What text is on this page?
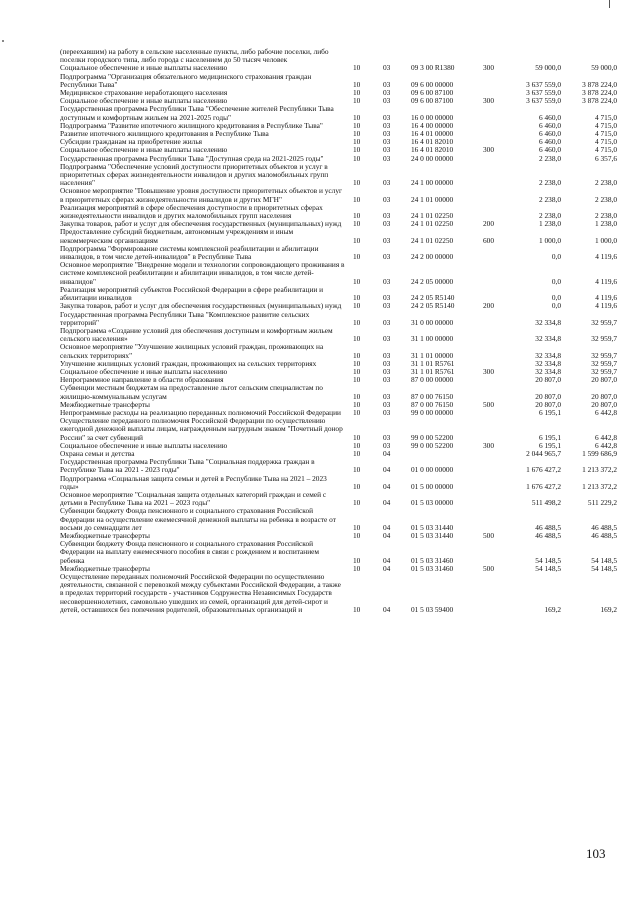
(переехавшим) на работу в сельские населенные пункты, либо рабочие поселки, либо поселки городского типа, либо города с населением до 50 тысяч человек						
Социальное обеспечение и иные выплаты населению	10	03	09 3 00 R1380	300	59 000,0	59 000,0
Подпрограмма "Организация обязательного медицинского страхования граждан Республики Тыва"	10	03	09 6 00 00000		3 637 559,0	3 878 224,0
Медицинское страхование неработающего населения	10	03	09 6 00 87100		3 637 559,0	3 878 224,0
Социальное обеспечение и иные выплаты населению	10	03	09 6 00 87100	300	3 637 559,0	3 878 224,0
Государственная программа Республики Тыва "Обеспечение жителей Республики Тыва доступным и комфортным жильем на 2021-2025 годы"	10	03	16 0 00 00000		6 460,0	4 715,0
Подпрограмма "Развитие ипотечного жилищного кредитования в Республике Тыва"	10	03	16 4 00 00000		6 460,0	4 715,0
Развитие ипотечного жилищного кредитования в Республике Тыва	10	03	16 4 01 00000		6 460,0	4 715,0
Субсидии гражданам на приобретение жилья	10	03	16 4 01 82010		6 460,0	4 715,0
Социальное обеспечение и иные выплаты населению	10	03	16 4 01 82010	300	6 460,0	4 715,0
Государственная программа Республики Тыва "Доступная среда на 2021-2025 годы"	10	03	24 0 00 00000		2 238,0	6 357,6
Подпрограмма "Обеспечение условий доступности приоритетных объектов и услуг в приоритетных сферах жизнедеятельности инвалидов и других маломобильных групп населения"	10	03	24 1 00 00000		2 238,0	2 238,0
Основное мероприятие "Повышение уровня доступности приоритетных объектов и услуг в приоритетных сферах жизнедеятельности инвалидов и других МГН"	10	03	24 1 01 00000		2 238,0	2 238,0
Реализация мероприятий в сфере обеспечения доступности в приоритетных сферах жизнедеятельности инвалидов и других маломобильных групп населения	10	03	24 1 01 02250		2 238,0	2 238,0
Закупка товаров, работ и услуг для обеспечения государственных (муниципальных) нужд	10	03	24 1 01 02250	200	1 238,0	1 238,0
Предоставление субсидий бюджетным, автономным учреждениям и иным некоммерческим организациям	10	03	24 1 01 02250	600	1 000,0	1 000,0
Подпрограмма "Формирование системы комплексной реабилитации и абилитации инвалидов, в том числе детей-инвалидов" в Республике Тыва	10	03	24 2 00 00000		0,0	4 119,6
Основное мероприятие "Внедрение модели и технологии сопровождающего проживания в системе комплексной реабилитации и абилитации инвалидов, в том числе детей-инвалидов"	10	03	24 2 05 00000		0,0	4 119,6
Реализация мероприятий субъектов Российской Федерации в сфере реабилитации и абилитации инвалидов	10	03	24 2 05 R5140		0,0	4 119,6
Закупка товаров, работ и услуг для обеспечения государственных (муниципальных) нужд	10	03	24 2 05 R5140	200	0,0	4 119,6
Государственная программа Республики Тыва "Комплексное развитие сельских территорий"	10	03	31 0 00 00000		32 334,8	32 959,7
Подпрограмма «Создание условий для обеспечения доступным и комфортным жильем сельского населения»	10	03	31 1 00 00000		32 334,8	32 959,7
Основное мероприятие "Улучшение жилищных условий граждан, проживающих на сельских территориях"	10	03	31 1 01 00000		32 334,8	32 959,7
Улучшение жилищных условий граждан, проживающих на сельских территориях	10	03	31 1 01 R5761		32 334,8	32 959,7
Социальное обеспечение и иные выплаты населению	10	03	31 1 01 R5761	300	32 334,8	32 959,7
Непрограммное направление в области образования	10	03	87 0 00 00000		20 807,0	20 807,0
Субвенции местным бюджетам на предоставление льгот сельским специалистам по жилищно-коммунальным услугам	10	03	87 0 00 76150		20 807,0	20 807,0
Межбюджетные трансферты	10	03	87 0 00 76150	500	20 807,0	20 807,0
Непрограммные расходы на реализацию переданных полномочий Российской Федерации	10	03	99 0 00 00000		6 195,1	6 442,8
Осуществление переданного полномочия Российской Федерации по осуществлению ежегодной денежной выплаты лицам, награжденным нагрудным знаком "Почетный донор России" за счет субвенций	10	03	99 0 00 52200		6 195,1	6 442,8
Социальное обеспечение и иные выплаты населению	10	03	99 0 00 52200	300	6 195,1	6 442,8
Охрана семьи и детства	10	04			2 044 965,7	1 599 686,9
Государственная программа Республики Тыва "Социальная поддержка граждан в Республике Тыва на 2021 - 2023 годы"	10	04	01 0 00 00000		1 676 427,2	1 213 372,2
Подпрограмма «Социальная защита семьи и детей в Республике Тыва на 2021 – 2023 годы»	10	04	01 5 00 00000		1 676 427,2	1 213 372,2
Основное мероприятие "Социальная защита отдельных категорий граждан и семей с детьми в Республике Тыва на 2021 – 2023 годы"	10	04	01 5 03 00000		511 498,2	511 229,2
Субвенции бюджету Фонда пенсионного и социального страхования Российской Федерации на осуществление ежемесячной денежной выплаты на ребенка в возрасте от восьми до семнадцати лет	10	04	01 5 03 31440		46 488,5	46 488,5
Межбюджетные трансферты	10	04	01 5 03 31440	500	46 488,5	46 488,5
Субвенции бюджету Фонда пенсионного и социального страхования Российской Федерации на выплату ежемесячного пособия в связи с рождением и воспитанием ребенка	10	04	01 5 03 31460		54 148,5	54 148,5
Межбюджетные трансферты	10	04	01 5 03 31460	500	54 148,5	54 148,5
Осуществление переданных полномочий Российской Федерации по осуществлению деятельности, связанной с перевозкой между субъектами Российской Федерации, а также в пределах территорий государств - участников Содружества Независимых Государств несовершеннолетних, самовольно ушедших из семей, организаций для детей-сирот и детей, оставшихся без попечения родителей, образовательных организаций и	10	04	01 5 03 59400		169,2	169,2
103
